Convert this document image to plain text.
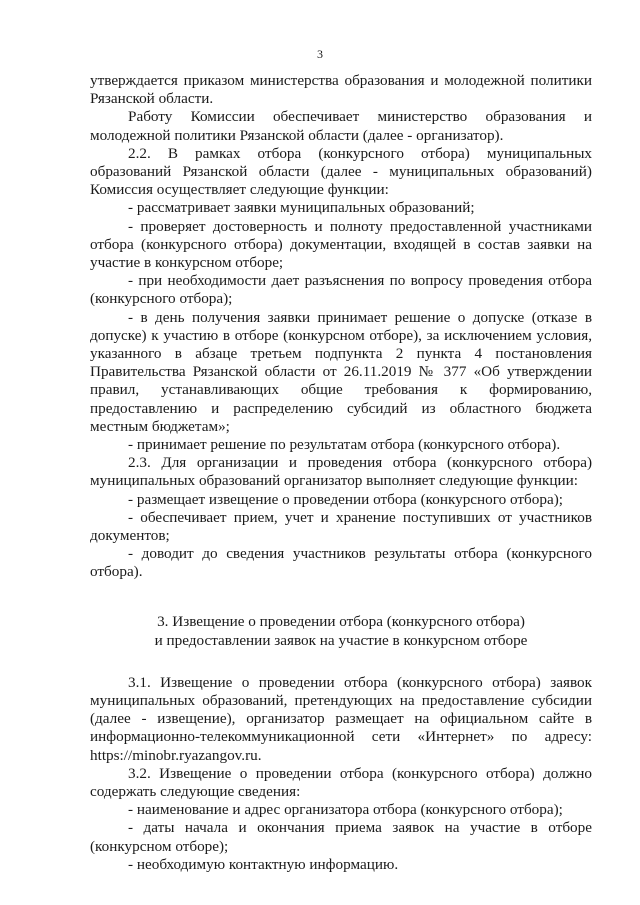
3

утверждается приказом министерства образования и молодежной политики Рязанской области.

Работу Комиссии обеспечивает министерство образования и молодежной политики Рязанской области (далее - организатор).

2.2. В рамках отбора (конкурсного отбора) муниципальных образований Рязанской области (далее - муниципальных образований) Комиссия осуществляет следующие функции:

- рассматривает заявки муниципальных образований;

- проверяет достоверность и полноту предоставленной участниками отбора (конкурсного отбора) документации, входящей в состав заявки на участие в конкурсном отборе;

- при необходимости дает разъяснения по вопросу проведения отбора (конкурсного отбора);

- в день получения заявки принимает решение о допуске (отказе в допуске) к участию в отборе (конкурсном отборе), за исключением условия, указанного в абзаце третьем подпункта 2 пункта 4 постановления Правительства Рязанской области от 26.11.2019 № 377 «Об утверждении правил, устанавливающих общие требования к формированию, предоставлению и распределению субсидий из областного бюджета местным бюджетам»;

- принимает решение по результатам отбора (конкурсного отбора).

2.3. Для организации и проведения отбора (конкурсного отбора) муниципальных образований организатор выполняет следующие функции:

- размещает извещение о проведении отбора (конкурсного отбора);

- обеспечивает прием, учет и хранение поступивших от участников документов;

- доводит до сведения участников результаты отбора (конкурсного отбора).

3. Извещение о проведении отбора (конкурсного отбора)
и предоставлении заявок на участие в конкурсном отборе

3.1. Извещение о проведении отбора (конкурсного отбора) заявок муниципальных образований, претендующих на предоставление субсидии (далее - извещение), организатор размещает на официальном сайте в информационно-телекоммуникационной сети «Интернет» по адресу: https://minobr.ryazangov.ru.

3.2. Извещение о проведении отбора (конкурсного отбора) должно содержать следующие сведения:

- наименование и адрес организатора отбора (конкурсного отбора);

- даты начала и окончания приема заявок на участие в отборе (конкурсном отборе);

- необходимую контактную информацию.
